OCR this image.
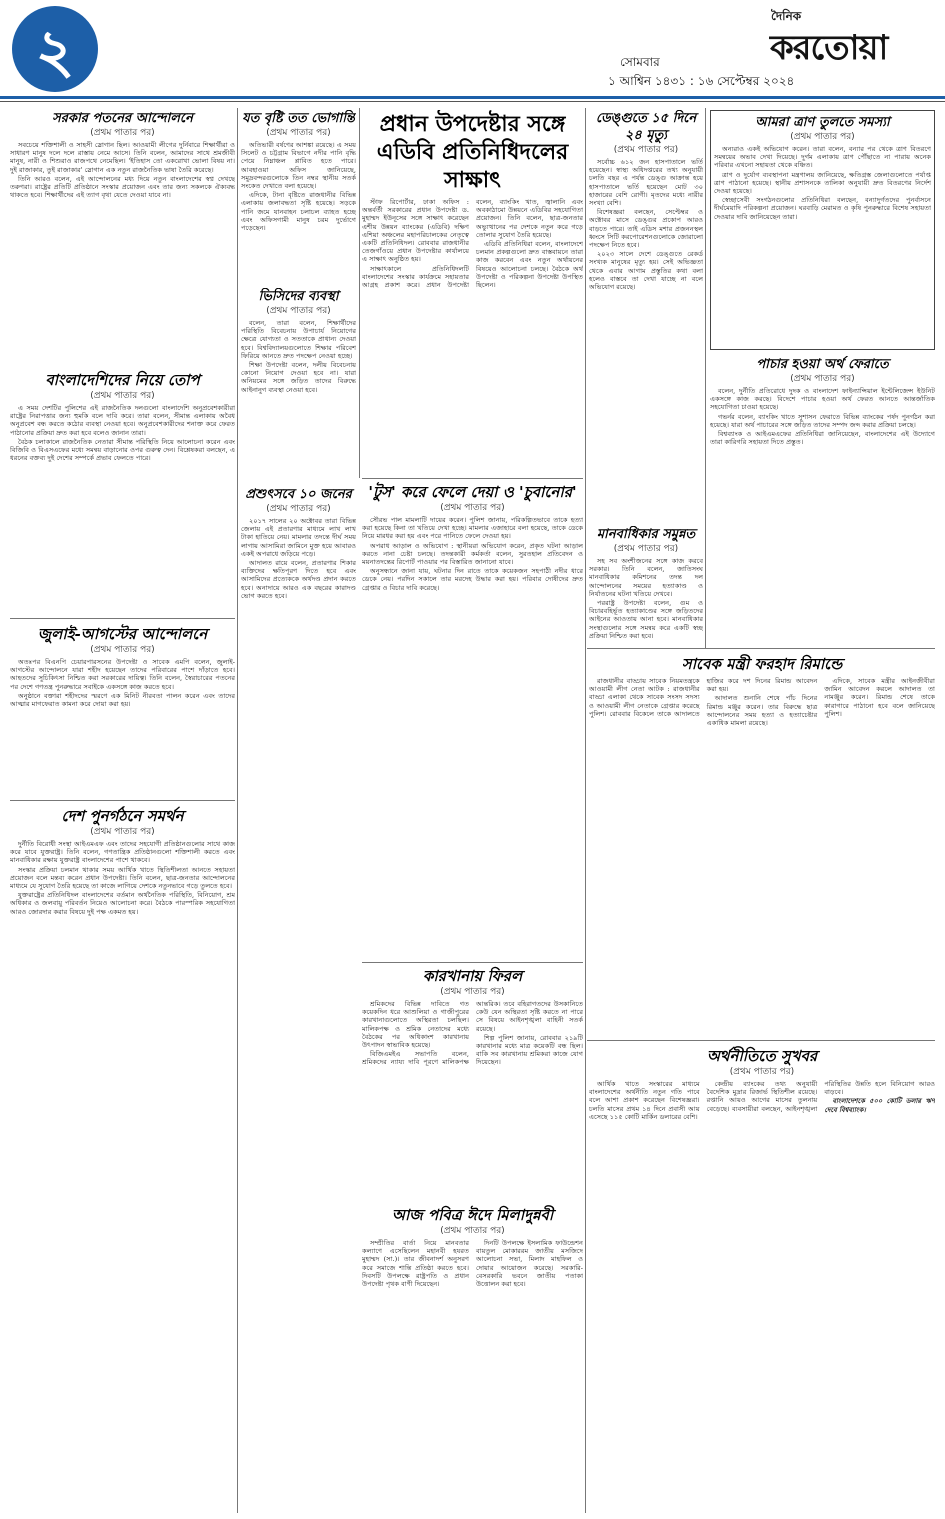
২	সোমবার
১ আশ্বিন ১৪৩১ : ১৬ সেপ্টেম্বর ২০২৪
দৈনিক
করতোয়া
সরকার পতনের আন্দোলনে
(প্রথম পাতার পর)

সবচেয়ে শক্তিশালী ও সাহসী স্লোগান ছিল। আওয়ামী লীগের দুর্নিবারে শিক্ষার্থীরা ও সাধারণ মানুষ দলে দলে রাস্তায় নেমে আসে। তিনি বলেন, আমাদের সাথে শ্রমজীবী মানুষ, নারী ও শিশুরাও রাজপথে নেমেছিল। 'ইতিহাস তো একরোখা ভোলা বিষয় না। দুই রাজাকার, তুই রাজাকার' স্লোগান এক নতুন রাজনৈতিক ভাষা তৈরি করেছে।

তিনি আরও বলেন, এই আন্দোলনের মধ্য দিয়ে নতুন বাংলাদেশের স্বপ্ন দেখছে তরুণরা। রাষ্ট্রের প্রতিটি প্রতিষ্ঠানে সংস্কার প্রয়োজন এবং তার জন্য সকলকে ঐক্যবদ্ধ থাকতে হবে। শিক্ষার্থীদের এই ত্যাগ বৃথা যেতে দেওয়া যাবে না।

বাংলাদেশিদের নিয়ে তোপ
(প্রথম পাতার পর)

এ সময় দেশটির পুলিশের এই রাজনৈতিক দলগুলো বাংলাদেশি অনুপ্রবেশকারীরা রাষ্ট্রের নিরাপত্তার জন্য হুমকি বলে দাবি করে। তারা বলেন, সীমান্ত এলাকায় অবৈধ অনুপ্রবেশ বন্ধ করতে কঠোর ব্যবস্থা নেওয়া হবে। অনুপ্রবেশকারীদের শনাক্ত করে ফেরত পাঠানোর প্রক্রিয়া দ্রুত করা হবে বলেও জানান তারা।

বৈঠক চলাকালে রাজনৈতিক নেতারা সীমান্ত পরিস্থিতি নিয়ে আলোচনা করেন এবং বিজিবি ও বিএসএফের মধ্যে সমন্বয় বাড়ানোর ওপর গুরুত্ব দেন। বিশ্লেষকরা বলছেন, এ ধরনের বক্তব্য দুই দেশের সম্পর্কে প্রভাব ফেলতে পারে।

জুলাই-আগস্টের আন্দোলনে
(প্রথম পাতার পর)

অতঃপর বিএনপি চেয়ারপারসনের উপদেষ্টা ও সাবেক এমপি বলেন, জুলাই-আগস্টের আন্দোলনে যারা শহীদ হয়েছেন তাদের পরিবারের পাশে দাঁড়াতে হবে। আহতদের সুচিকিৎসা নিশ্চিত করা সরকারের দায়িত্ব। তিনি বলেন, স্বৈরাচারের পতনের পর দেশে গণতন্ত্র পুনরুদ্ধারে সবাইকে একসঙ্গে কাজ করতে হবে।

অনুষ্ঠানে বক্তারা শহীদদের স্মরণে এক মিনিট নীরবতা পালন করেন এবং তাদের আত্মার মাগফেরাত কামনা করে দোয়া করা হয়।

দেশ পুনর্গঠনে সমর্থন
(প্রথম পাতার পর)

দুর্নীতি বিরোধী সংস্থা আইএমএফ এবং তাদের সহযোগী প্রতিষ্ঠানগুলোর সাথে কাজ করে যাবে যুক্তরাষ্ট্র। তিনি বলেন, গণতান্ত্রিক প্রতিষ্ঠানগুলো শক্তিশালী করতে এবং মানবাধিকার রক্ষায় যুক্তরাষ্ট্র বাংলাদেশের পাশে থাকবে।

সংস্কার প্রক্রিয়া চলমান থাকার সময় আর্থিক খাতে স্থিতিশীলতা আনতে সহায়তা প্রয়োজন বলে মন্তব্য করেন প্রধান উপদেষ্টা। তিনি বলেন, ছাত্র-জনতার আন্দোলনের মাধ্যমে যে সুযোগ তৈরি হয়েছে তা কাজে লাগিয়ে দেশকে নতুনভাবে গড়ে তুলতে হবে।

যুক্তরাষ্ট্রের প্রতিনিধিদল বাংলাদেশের বর্তমান অর্থনৈতিক পরিস্থিতি, বিনিয়োগ, শ্রম অধিকার ও জলবায়ু পরিবর্তন নিয়েও আলোচনা করে। বৈঠকে পারস্পরিক সহযোগিতা আরও জোরদার করার বিষয়ে দুই পক্ষ একমত হয়।

যত বৃষ্টি তত ভোগান্তি
(প্রথম পাতার পর)

অতিভারী বর্ষণের আশঙ্কা রয়েছে। এ সময় সিলেট ও চট্টগ্রাম বিভাগে নদীর পানি বৃদ্ধি পেয়ে নিম্নাঞ্চল প্লাবিত হতে পারে। আবহাওয়া অফিস জানিয়েছে, সমুদ্রবন্দরগুলোকে তিন নম্বর স্থানীয় সতর্ক সংকেত দেখাতে বলা হয়েছে।

এদিকে, টানা বৃষ্টিতে রাজধানীর বিভিন্ন এলাকায় জলাবদ্ধতা সৃষ্টি হয়েছে। সড়কে পানি জমে যানবাহন চলাচল ব্যাহত হচ্ছে এবং অফিসগামী মানুষ চরম দুর্ভোগে পড়েছেন।

ভিসিদের ব্যবস্থা
(প্রথম পাতার পর)

বলেন, তারা বলেন, শিক্ষার্থীদের পরিস্থিতি বিবেচনায় উপাচার্য নিয়োগের ক্ষেত্রে যোগ্যতা ও সততাকে প্রাধান্য দেওয়া হবে। বিশ্ববিদ্যালয়গুলোতে শিক্ষার পরিবেশ ফিরিয়ে আনতে দ্রুত পদক্ষেপ নেওয়া হচ্ছে।

শিক্ষা উপদেষ্টা বলেন, দলীয় বিবেচনায় কোনো নিয়োগ দেওয়া হবে না। যারা অনিয়মের সঙ্গে জড়িত তাদের বিরুদ্ধে আইনানুগ ব্যবস্থা নেওয়া হবে।

প্রশুৎসবে ১০ জনের
(প্রথম পাতার পর)

২০১৭ সালের ২০ অক্টোবর তারা বিভিন্ন জেলায় এই প্রতারণার মাধ্যমে লাখ লাখ টাকা হাতিয়ে নেয়। মামলার তদন্তে দীর্ঘ সময় লাগায় আসামিরা জামিনে মুক্ত হয়ে আবারও একই অপরাধে জড়িয়ে পড়ে।

আদালত রায়ে বলেন, প্রতারণার শিকার ব্যক্তিদের ক্ষতিপূরণ দিতে হবে এবং আসামিদের প্রত্যেককে অর্থদণ্ড প্রদান করতে হবে। অনাদায়ে আরও এক বছরের কারাদণ্ড ভোগ করতে হবে।

প্রধান উপদেষ্টার সঙ্গে এডিবি প্রতিনিধিদলের সাক্ষাৎ

স্টাফ রিপোর্টার, ঢাকা অফিস : অন্তর্বর্তী সরকারের প্রধান উপদেষ্টা ড. মুহাম্মদ ইউনূসের সঙ্গে সাক্ষাৎ করেছেন এশীয় উন্নয়ন ব্যাংকের (এডিবি) দক্ষিণ এশিয়া অঞ্চলের মহাপরিচালকের নেতৃত্বে একটি প্রতিনিধিদল। রোববার রাজধানীর তেজগাঁওয়ে প্রধান উপদেষ্টার কার্যালয়ে এ সাক্ষাৎ অনুষ্ঠিত হয়।

সাক্ষাৎকালে প্রতিনিধিদলটি বাংলাদেশের সংস্কার কার্যক্রমে সহায়তার আগ্রহ প্রকাশ করে। প্রধান উপদেষ্টা বলেন, ব্যাংকিং খাত, জ্বালানি এবং অবকাঠামো উন্নয়নে এডিবির সহযোগিতা প্রয়োজন। তিনি বলেন, ছাত্র-জনতার অভ্যুত্থানের পর দেশকে নতুন করে গড়ে তোলার সুযোগ তৈরি হয়েছে।

এডিবি প্রতিনিধিরা বলেন, বাংলাদেশে চলমান প্রকল্পগুলো দ্রুত বাস্তবায়নে তারা কাজ করবেন এবং নতুন অর্থায়নের বিষয়েও আলোচনা চলছে। বৈঠকে অর্থ উপদেষ্টা ও পরিকল্পনা উপদেষ্টা উপস্থিত ছিলেন।

'টুস' করে ফেলে দেয়া ও 'চুবানোর'
(প্রথম পাতার পর)

সৌরভ পাল মামলাটি দায়ের করেন। পুলিশ জানায়, পরিকল্পিতভাবে তাকে হত্যা করা হয়েছে কিনা তা খতিয়ে দেখা হচ্ছে। মামলার এজাহারে বলা হয়েছে, তাকে ডেকে নিয়ে মারধর করা হয় এবং পরে পানিতে ফেলে দেওয়া হয়।

অপরাধ আড়াল ও অভিযোগ : স্থানীয়রা অভিযোগ করেন, প্রকৃত ঘটনা আড়াল করতে নানা চেষ্টা চলছে। তদন্তকারী কর্মকর্তা বলেন, সুরতহাল প্রতিবেদন ও ময়নাতদন্তের রিপোর্ট পাওয়ার পর বিস্তারিত জানানো যাবে।

অনুসন্ধানে জানা যায়, ঘটনার দিন রাতে তাকে কয়েকজন সহপাঠী নদীর ধারে ডেকে নেয়। পরদিন সকালে তার মরদেহ উদ্ধার করা হয়। পরিবার দোষীদের দ্রুত গ্রেপ্তার ও বিচার দাবি করেছে।

কারখানায় ফিরল
(প্রথম পাতার পর)

শ্রমিকদের বিভিন্ন দাবিতে গত কয়েকদিন ধরে আশুলিয়া ও গাজীপুরের কারখানাগুলোতে অস্থিরতা চলছিল। মালিকপক্ষ ও শ্রমিক নেতাদের মধ্যে বৈঠকের পর অধিকাংশ কারখানায় উৎপাদন স্বাভাবিক হয়েছে।

বিজিএমইএ সভাপতি বলেন, শ্রমিকদের ন্যায্য দাবি পূরণে মালিকপক্ষ আন্তরিক। তবে বহিরাগতদের উসকানিতে কেউ যেন অস্থিরতা সৃষ্টি করতে না পারে সে বিষয়ে আইনশৃঙ্খলা বাহিনী সতর্ক রয়েছে।

শিল্প পুলিশ জানায়, রোববার ২১৯টি কারখানার মধ্যে মাত্র কয়েকটি বন্ধ ছিল। বাকি সব কারখানায় শ্রমিকরা কাজে যোগ দিয়েছেন।

আজ পবিত্র ঈদে মিলাদুন্নবী
(প্রথম পাতার পর)

সম্প্রীতির বার্তা নিয়ে মানবতার কল্যাণে এসেছিলেন মহানবী হযরত মুহাম্মদ (সা.)। তার জীবনাদর্শ অনুসরণ করে সমাজে শান্তি প্রতিষ্ঠা করতে হবে। দিবসটি উপলক্ষে রাষ্ট্রপতি ও প্রধান উপদেষ্টা পৃথক বাণী দিয়েছেন।

দিনটি উপলক্ষে ইসলামিক ফাউন্ডেশন বায়তুল মোকাররম জাতীয় মসজিদে আলোচনা সভা, মিলাদ মাহফিল ও দোয়ার আয়োজন করেছে। সরকারি-বেসরকারি ভবনে জাতীয় পতাকা উত্তোলন করা হবে।

ডেঙ্গুতে ১৫ দিনে ২৪ মৃত্যু
(প্রথম পাতার পর)

সর্বোচ্চ ৬১২ জন হাসপাতালে ভর্তি হয়েছেন। স্বাস্থ্য অধিদপ্তরের তথ্য অনুযায়ী চলতি বছর এ পর্যন্ত ডেঙ্গু আক্রান্ত হয়ে হাসপাতালে ভর্তি হয়েছেন মোট ৩০ হাজারের বেশি রোগী। মৃতদের মধ্যে নারীর সংখ্যা বেশি।

বিশেষজ্ঞরা বলছেন, সেপ্টেম্বর ও অক্টোবর মাসে ডেঙ্গুর প্রকোপ আরও বাড়তে পারে। তাই এডিস মশার প্রজননস্থল ধ্বংসে সিটি করপোরেশনগুলোকে জোরালো পদক্ষেপ নিতে হবে।

২০২৩ সালে দেশে ডেঙ্গুতে রেকর্ড সংখ্যক মানুষের মৃত্যু হয়। সেই অভিজ্ঞতা থেকে এবার আগাম প্রস্তুতির কথা বলা হলেও বাস্তবে তা দেখা যাচ্ছে না বলে অভিযোগ রয়েছে।

মানবাধিকার সমুন্নত
(প্রথম পাতার পর)

সহ সব অংশীজনের সঙ্গে কাজ করবে সরকার। তিনি বলেন, জাতিসংঘ মানবাধিকার কমিশনের তদন্ত দল আন্দোলনের সময়ের হত্যাকাণ্ড ও নির্যাতনের ঘটনা খতিয়ে দেখবে।

পররাষ্ট্র উপদেষ্টা বলেন, গুম ও বিচারবহির্ভূত হত্যাকাণ্ডের সঙ্গে জড়িতদের আইনের আওতায় আনা হবে। মানবাধিকার সংস্থাগুলোর সঙ্গে সমন্বয় করে একটি স্বচ্ছ প্রক্রিয়া নিশ্চিত করা হবে।

আমরা ত্রাণ তুলতে সমস্যা
(প্রথম পাতার পর)

অন্যরাও একই অভিযোগ করেন। তারা বলেন, বন্যার পর থেকে ত্রাণ বিতরণে সমন্বয়ের অভাব দেখা দিয়েছে। দুর্গম এলাকায় ত্রাণ পৌঁছাতে না পারায় অনেক পরিবার এখনো সহায়তা থেকে বঞ্চিত।

ত্রাণ ও দুর্যোগ ব্যবস্থাপনা মন্ত্রণালয় জানিয়েছে, ক্ষতিগ্রস্ত জেলাগুলোতে পর্যাপ্ত ত্রাণ পাঠানো হয়েছে। স্থানীয় প্রশাসনকে তালিকা অনুযায়ী দ্রুত বিতরণের নির্দেশ দেওয়া হয়েছে।

স্বেচ্ছাসেবী সংগঠনগুলোর প্রতিনিধিরা বলছেন, বন্যাদুর্গতদের পুনর্বাসনে দীর্ঘমেয়াদি পরিকল্পনা প্রয়োজন। ঘরবাড়ি মেরামত ও কৃষি পুনরুদ্ধারে বিশেষ সহায়তা দেওয়ার দাবি জানিয়েছেন তারা।

পাচার হওয়া অর্থ ফেরাতে
(প্রথম পাতার পর)

বলেন, দুর্নীতি প্রতিরোধে দুদক ও বাংলাদেশ ফাইন্যান্সিয়াল ইন্টেলিজেন্স ইউনিট একসঙ্গে কাজ করছে। বিদেশে পাচার হওয়া অর্থ ফেরত আনতে আন্তর্জাতিক সহযোগিতা চাওয়া হয়েছে।

গভর্নর বলেন, ব্যাংকিং খাতে সুশাসন ফেরাতে বিভিন্ন ব্যাংকের পর্ষদ পুনর্গঠন করা হয়েছে। যারা অর্থ পাচারের সঙ্গে জড়িত তাদের সম্পদ জব্দ করার প্রক্রিয়া চলছে।

বিশ্বব্যাংক ও আইএমএফের প্রতিনিধিরা জানিয়েছেন, বাংলাদেশের এই উদ্যোগে তারা কারিগরি সহায়তা দিতে প্রস্তুত।

সাবেক মন্ত্রী ফরহাদ রিমান্ডে

রাজধানীর বাড্ডায় সাবেক নিয়মতন্ত্রকে আওয়ামী লীগ নেতা আটক : রাজধানীর বাড্ডা এলাকা থেকে সাবেক সংসদ সদস্য ও আওয়ামী লীগ নেতাকে গ্রেপ্তার করেছে পুলিশ। রোববার বিকেলে তাকে আদালতে হাজির করে দশ দিনের রিমান্ড আবেদন করা হয়।

আদালত শুনানি শেষে পাঁচ দিনের রিমান্ড মঞ্জুর করেন। তার বিরুদ্ধে ছাত্র আন্দোলনের সময় হত্যা ও হত্যাচেষ্টার একাধিক মামলা রয়েছে।

এদিকে, সাবেক মন্ত্রীর আইনজীবীরা জামিন আবেদন করলে আদালত তা নামঞ্জুর করেন। রিমান্ড শেষে তাকে কারাগারে পাঠানো হবে বলে জানিয়েছে পুলিশ।

অর্থনীতিতে সুখবর
(প্রথম পাতার পর)

আর্থিক খাতে সংস্কারের মাধ্যমে বাংলাদেশের অর্থনীতি নতুন গতি পাবে বলে আশা প্রকাশ করেছেন বিশেষজ্ঞরা। চলতি মাসের প্রথম ১৪ দিনে প্রবাসী আয় এসেছে ১১৫ কোটি মার্কিন ডলারের বেশি।

কেন্দ্রীয় ব্যাংকের তথ্য অনুযায়ী বৈদেশিক মুদ্রার রিজার্ভ স্থিতিশীল রয়েছে। রপ্তানি আয়ও আগের মাসের তুলনায় বেড়েছে। ব্যবসায়ীরা বলছেন, আইনশৃঙ্খলা পরিস্থিতির উন্নতি হলে বিনিয়োগ আরও বাড়বে।

বাংলাদেশকে ৫০০ কোটি ডলার ঋণ দেবে বিশ্বব্যাংক।
